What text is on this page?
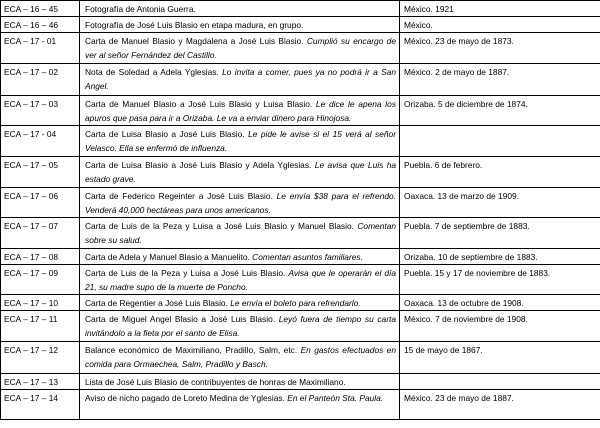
ECA – 16 – 45	Fotografía de Antonia Guerra.	México. 1921
ECA – 16 – 46	Fotografía de José Luis Blasio en etapa madura, en grupo.	México.
ECA – 17 - 01	Carta de Manuel Blasio y Magdalena a José Luis Blasio. Cumplió su encargo de ver al señor Fernández del Castillo.	México. 23 de mayo de 1873.
ECA – 17 – 02	Nota de Soledad a Adela Yglesias. Lo invita a comer, pues ya no podrá ir a San Angel.	México. 2 de mayo de 1887.
ECA – 17 – 03	Carta de Manuel Blasio a José Luis Blasio y Luisa Blasio. Le dice le apena los apuros que pasa para ir a Orizaba. Le va a enviar dinero para Hinojosa.	Orizaba. 5 de diciembre de 1874.
ECA – 17 - 04	Carta de Luisa Blasio a José Luis Blasio. Le pide le avise si el 15 verá al señor Velasco. Ella se enfermó de influenza.	
ECA – 17 – 05	Carta de Luisa Blasio a José Luis Blasio y Adela Yglesias. Le avisa que Luis ha estado grave.	Puebla. 6 de febrero.
ECA – 17 – 06	Carta de Federico Regeinter a José Luis Blasio. Le envía $38 para el refrendo. Venderá 40,000 hectáreas para unos americanos.	Oaxaca. 13 de marzo de 1909.
ECA – 17 – 07	Carta de Luis de la Peza y Luisa a José Luis Blasio y Manuel Blasio. Comentan sobre su salud.	Puebla. 7 de septiembre de 1883.
ECA – 17 – 08	Carta de Adela y Manuel Blasio a Manuelito. Comentan asuntos familiares.	Orizaba. 10 de septiembre de 1883.
ECA – 17 – 09	Carta de Luis de la Peza y Luisa a José Luis Blasio. Avisa que le operarán el día 21, su madre supo de la muerte de Poncho.	Puebla. 15 y 17 de noviembre de 1883.
ECA – 17 – 10	Carta de Regentier a José Luis Blasio. Le envía el boleto para refrendarlo.	Oaxaca. 13 de octubre de 1908.
ECA – 17 – 11	Carta de Miguel Angel Blasio a José Luis Blasio. Leyó fuera de tiempo su carta invitándolo a la fieta por el santo de Elisa.	México. 7 de noviembre de 1908.
ECA – 17 – 12	Balance económico de Maximiliano, Pradillo, Salm, etc. En gastos efectuados en comida para Ormaechea, Salm, Pradillo y Basch.	15 de mayo de 1867.
ECA – 17 – 13	Lista de José Luis Blasio de contribuyentes de honras de Maximiliano.	
ECA – 17 – 14	Aviso de nicho pagado de Loreto Medina de Yglesias. En el Panteón Sta. Paula.	México. 23 de mayo de 1887.
